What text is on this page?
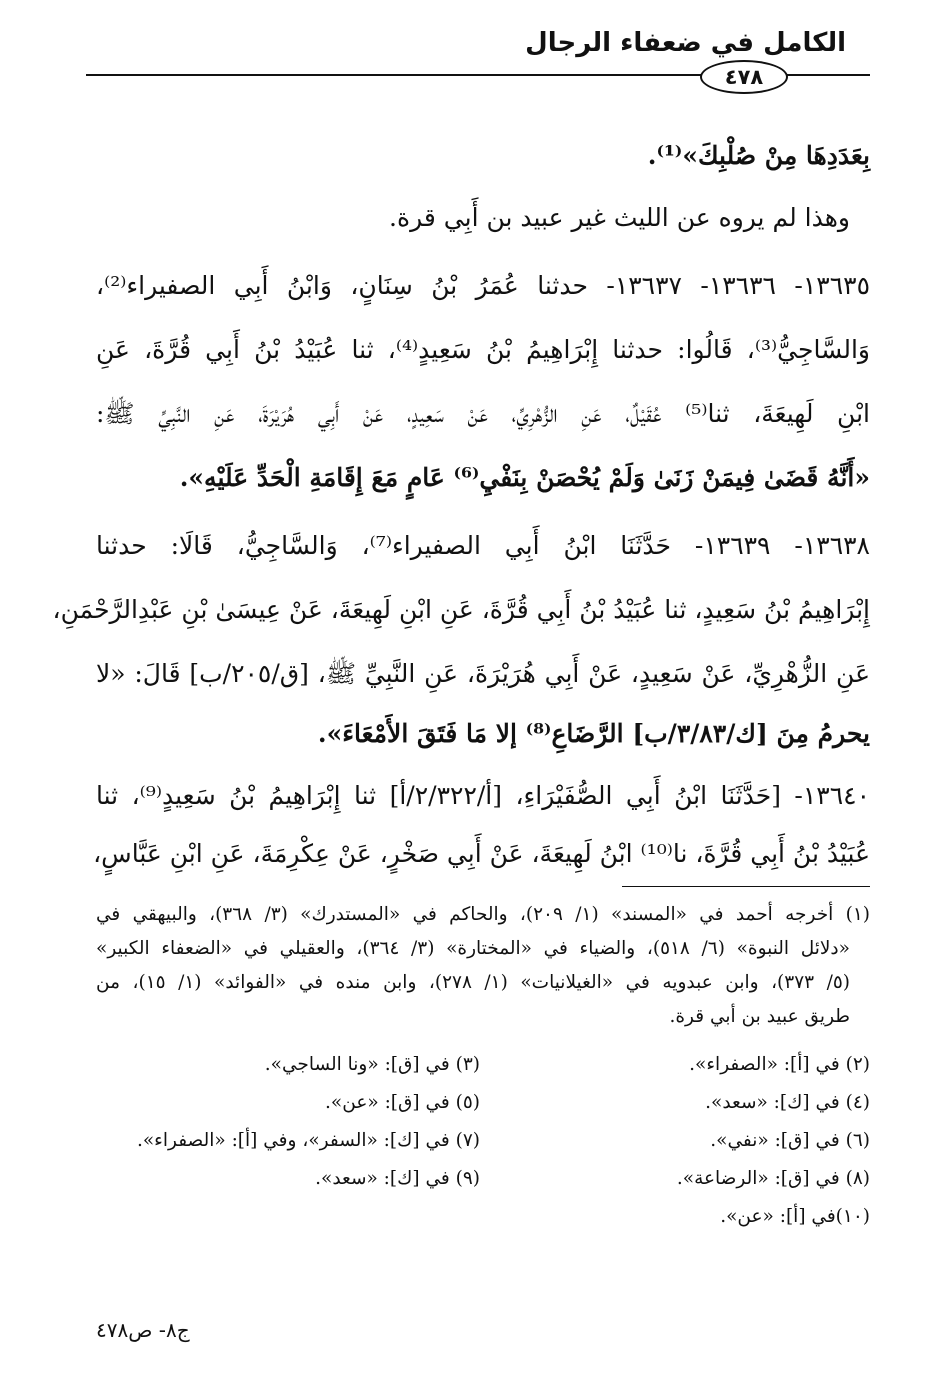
الكامل في ضعفاء الرجال
٤٧٨
بِعَدَدِهَا مِنْ صُلْبِكَ»⁽¹⁾.
وهذا لم يروه عن الليث غير عبيد بن أَبِي قرة.
١٣٦٣٥- ١٣٦٣٦- ١٣٦٣٧- حدثنا عُمَرُ بْنُ سِنَانٍ، وَابْنُ أَبِي الصفيراء⁽²⁾،
وَالسَّاجِيُّ⁽³⁾، قَالُوا: حدثنا إِبْرَاهِيمُ بْنُ سَعِيدٍ⁽⁴⁾، ثنا عُبَيْدُ بْنُ أَبِي قُرَّةَ، عَنِ
ابْنِ لَهِيعَةَ، ثنا⁽⁵⁾ عُقَيْلٌ، عَنِ الزُّهْرِيِّ، عَنْ سَعِيدٍ، عَنْ أَبِي هُرَيْرَةَ، عَنِ النَّبِيِّ ﷺ:
«أَنَّهُ قَضَىٰ فِيمَنْ زَنَىٰ وَلَمْ يُحْصَنْ بِنَفْيِ⁽⁶⁾ عَامٍ مَعَ إِقَامَةِ الْحَدِّ عَلَيْهِ».
١٣٦٣٨- ١٣٦٣٩- حَدَّثَنَا ابْنُ أَبِي الصفيراء⁽⁷⁾، وَالسَّاجِيُّ، قَالَا: حدثنا
إِبْرَاهِيمُ بْنُ سَعِيدٍ، ثنا عُبَيْدُ بْنُ أَبِي قُرَّةَ، عَنِ ابْنِ لَهِيعَةَ، عَنْ عِيسَىٰ بْنِ عَبْدِالرَّحْمَنِ،
عَنِ الزُّهْرِيِّ، عَنْ سَعِيدٍ، عَنْ أَبِي هُرَيْرَةَ، عَنِ النَّبِيِّ ﷺ، [ق/٢٠٥/ب] قَالَ: «لا
يحرمُ مِنَ [ك/٣/٨٣/ب] الرَّضَاعِ⁽⁸⁾ إلا مَا فَتَقَ الأَمْعَاءَ».
١٣٦٤٠- [حَدَّثَنَا ابْنُ أَبِي الصُّفَيْرَاءِ، [أ/٢/٣٢٢/أ] ثنا إِبْرَاهِيمُ بْنُ سَعِيدٍ⁽⁹⁾، ثنا
عُبَيْدُ بْنُ أَبِي قُرَّةَ، نا⁽¹⁰⁾ ابْنُ لَهِيعَةَ، عَنْ أَبِي صَخْرٍ، عَنْ عِكْرِمَةَ، عَنِ ابْنِ عَبَّاسٍ،
(١) أخرجه أحمد في «المسند» (١/ ٢٠٩)، والحاكم في «المستدرك» (٣/ ٣٦٨)، والبيهقي في
«دلائل النبوة» (٦/ ٥١٨)، والضياء في «المختارة» (٣/ ٣٦٤)، والعقيلي في «الضعفاء الكبير»
(٥/ ٣٧٣)، وابن عبدويه في «الغيلانيات» (١/ ٢٧٨)، وابن منده في «الفوائد» (١/ ١٥)، من
طريق عبيد بن أبي قرة.
(٢) في [أ]: «الصفراء».
(٤) في [ك]: «سعد».
(٦) في [ق]: «نفي».
(٨) في [ق]: «الرضاعة».
(١٠)في [أ]: «عن».
(٣) في [ق]: «ونا الساجي».
(٥) في [ق]: «عن».
(٧) في [ك]: «السفر»، وفي [أ]: «الصفراء».
(٩) في [ك]: «سعد».
ج٨- ص٤٧٨
